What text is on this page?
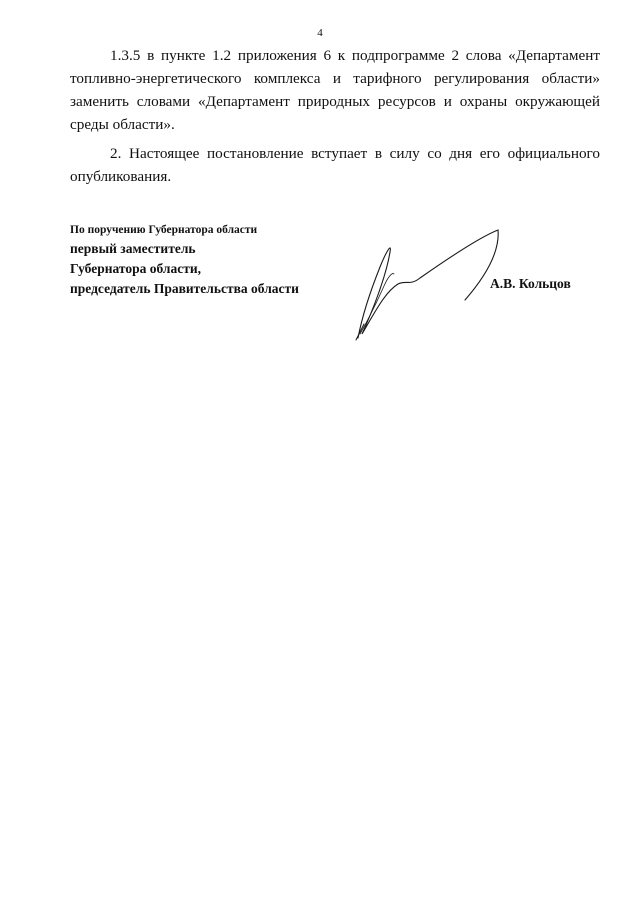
4

1.3.5 в пункте 1.2 приложения 6 к подпрограмме 2 слова «Департамент топливно-энергетического комплекса и тарифного регулирования области» заменить словами «Департамент природных ресурсов и охраны окружающей среды области».

2. Настоящее постановление вступает в силу со дня его официального опубликования.

По поручению Губернатора области
первый заместитель
Губернатора области,
председатель Правительства области	А.В. Кольцов
